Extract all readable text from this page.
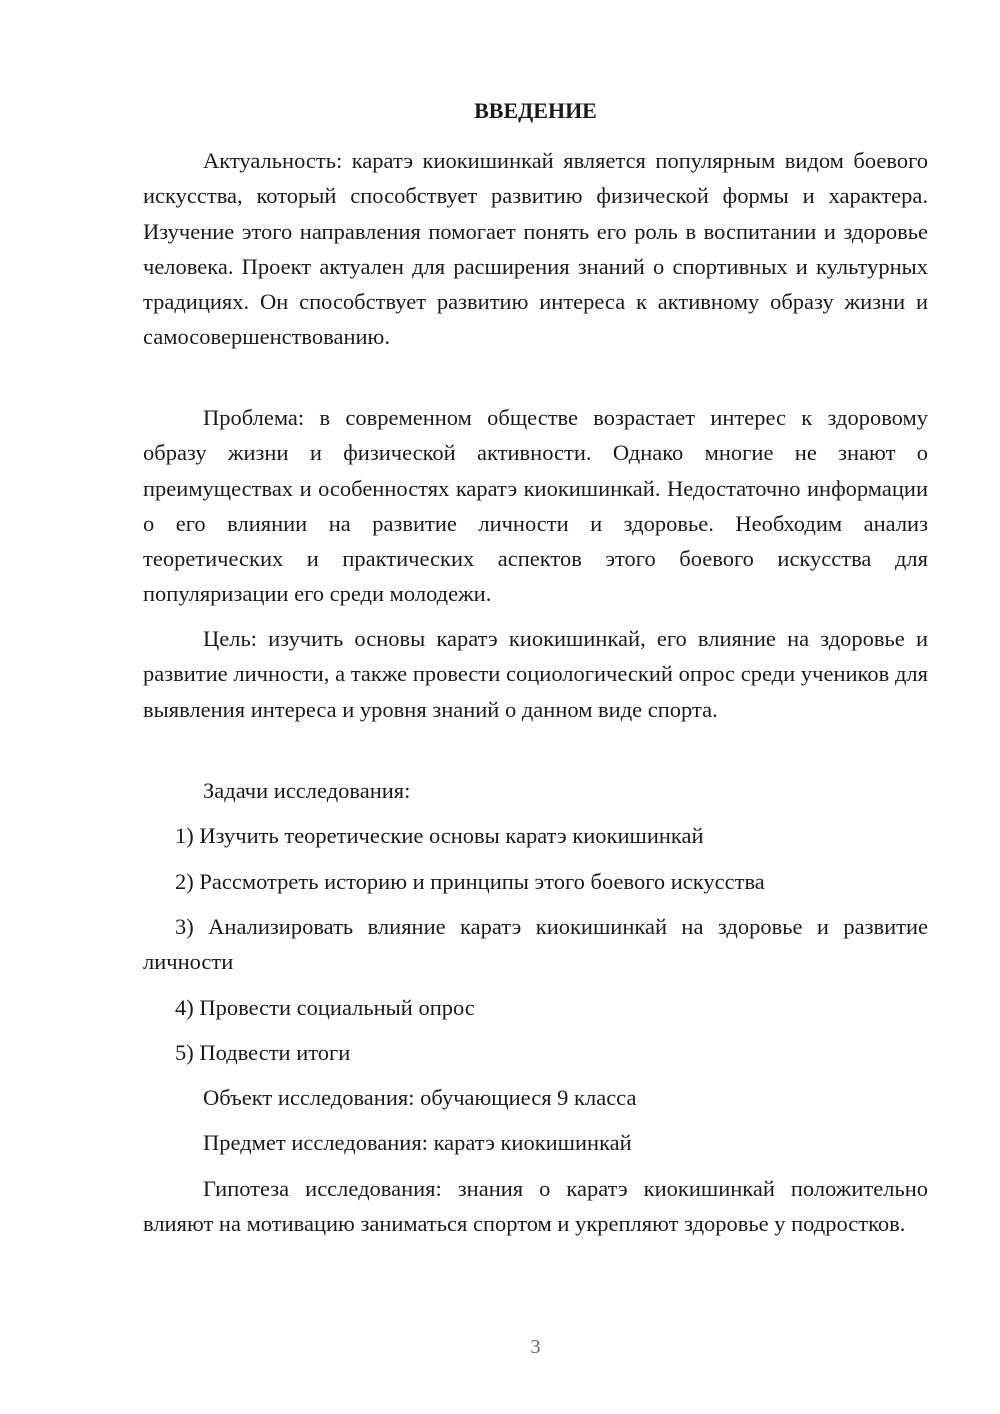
ВВЕДЕНИЕ

Актуальность: каратэ киокишинкай является популярным видом боевого искусства, который способствует развитию физической формы и характера. Изучение этого направления помогает понять его роль в воспитании и здоровье человека. Проект актуален для расширения знаний о спортивных и культурных традициях. Он способствует развитию интереса к активному образу жизни и самосовершенствованию.

Проблема: в современном обществе возрастает интерес к здоровому образу жизни и физической активности. Однако многие не знают о преимуществах и особенностях каратэ киокишинкай. Недостаточно информации о его влиянии на развитие личности и здоровье. Необходим анализ теоретических и практических аспектов этого боевого искусства для популяризации его среди молодежи.

Цель: изучить основы каратэ киокишинкай, его влияние на здоровье и развитие личности, а также провести социологический опрос среди учеников для выявления интереса и уровня знаний о данном виде спорта.

Задачи исследования:
1) Изучить теоретические основы каратэ киокишинкай
2) Рассмотреть историю и принципы этого боевого искусства

3) Анализировать влияние каратэ киокишинкай на здоровье и развитие личности

4) Провести социальный опрос
5) Подвести итоги
Объект исследования: обучающиеся 9 класса
Предмет исследования: каратэ киокишинкай

Гипотеза исследования: знания о каратэ киокишинкай положительно влияют на мотивацию заниматься спортом и укрепляют здоровье у подростков.

3
